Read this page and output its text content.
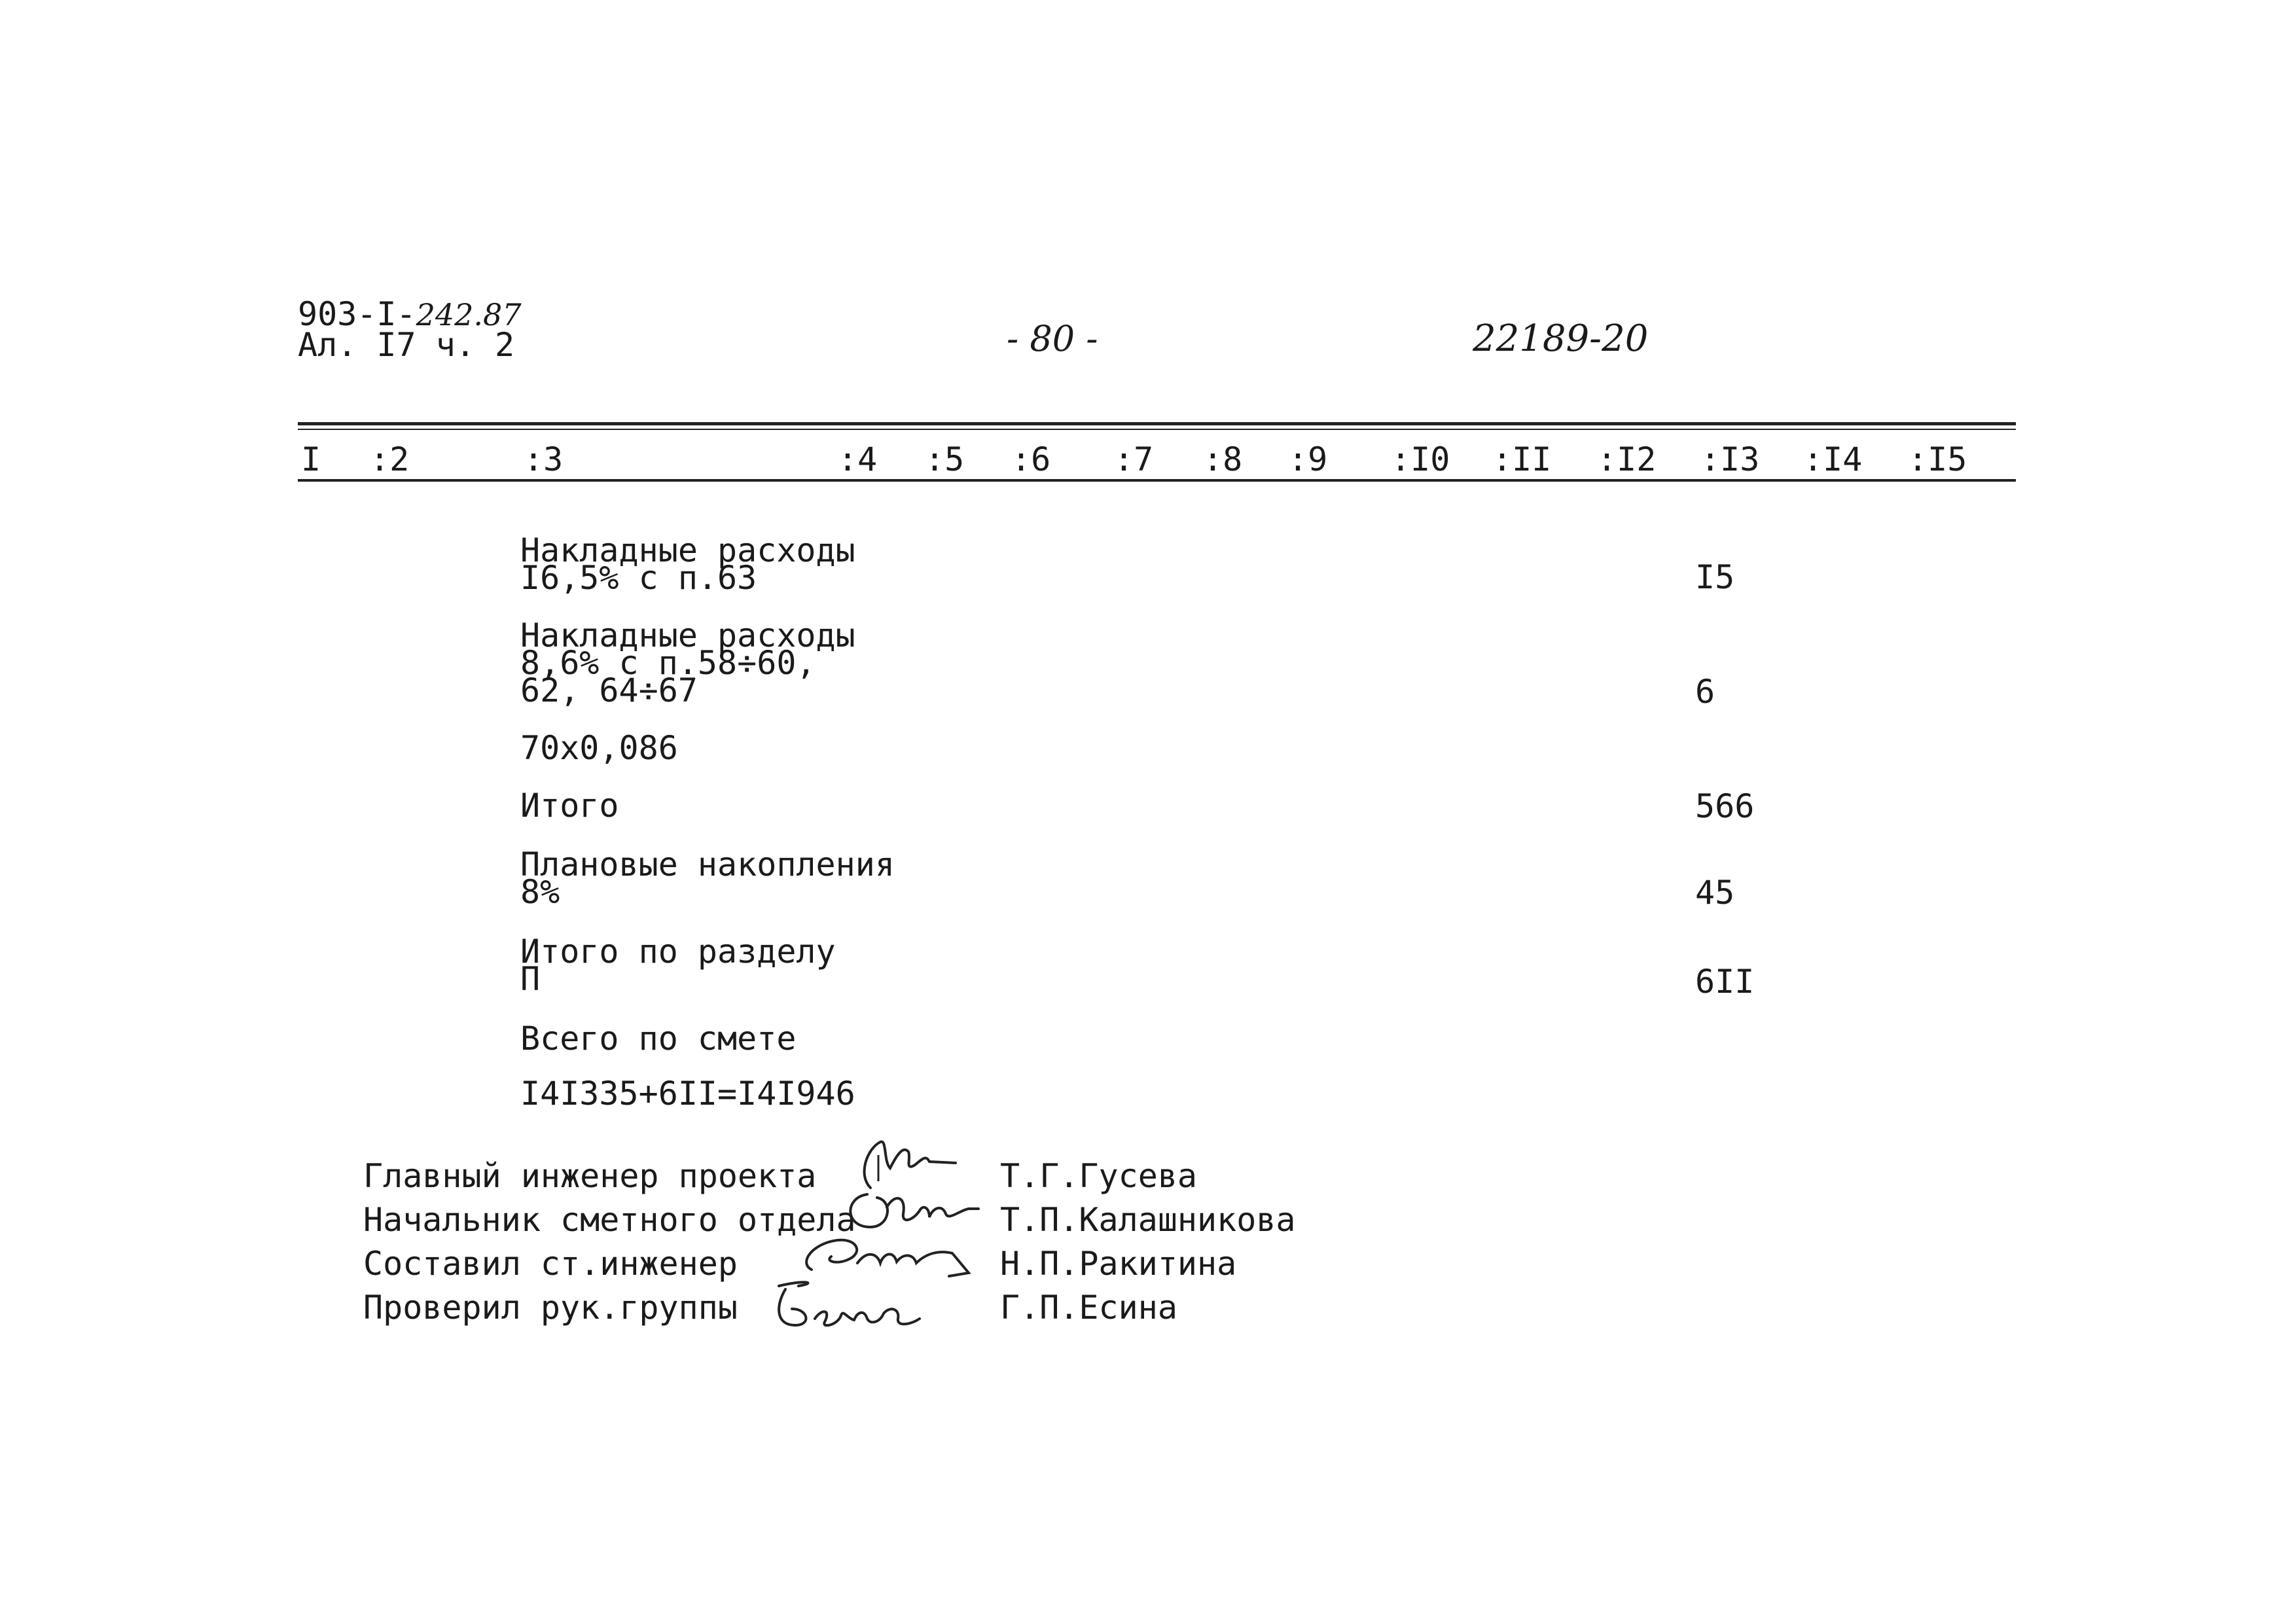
903-I-242.87
Ал. I7 ч. 2	- 80 -	22189-20
I :2	:3	:4 :5 :6 :7 :8 :9 :I0 :II :I2 :I3 :I4 :I5
Накладные расходы
I6,5% с п.63	I5
Накладные расходы
8,6% с п.58÷60,
62, 64÷67	6
70х0,086
Итого	566
Плановые накопления
8%	45
Итого по разделу
П	6II
Всего по смете
I4I335+6II=I4I946
Главный инженер проекта	Т.Г.Гусева
Начальник сметного отдела	Т.П.Калашникова
Составил ст.инженер	Н.П.Ракитина
Проверил рук.группы	Г.П.Есина
